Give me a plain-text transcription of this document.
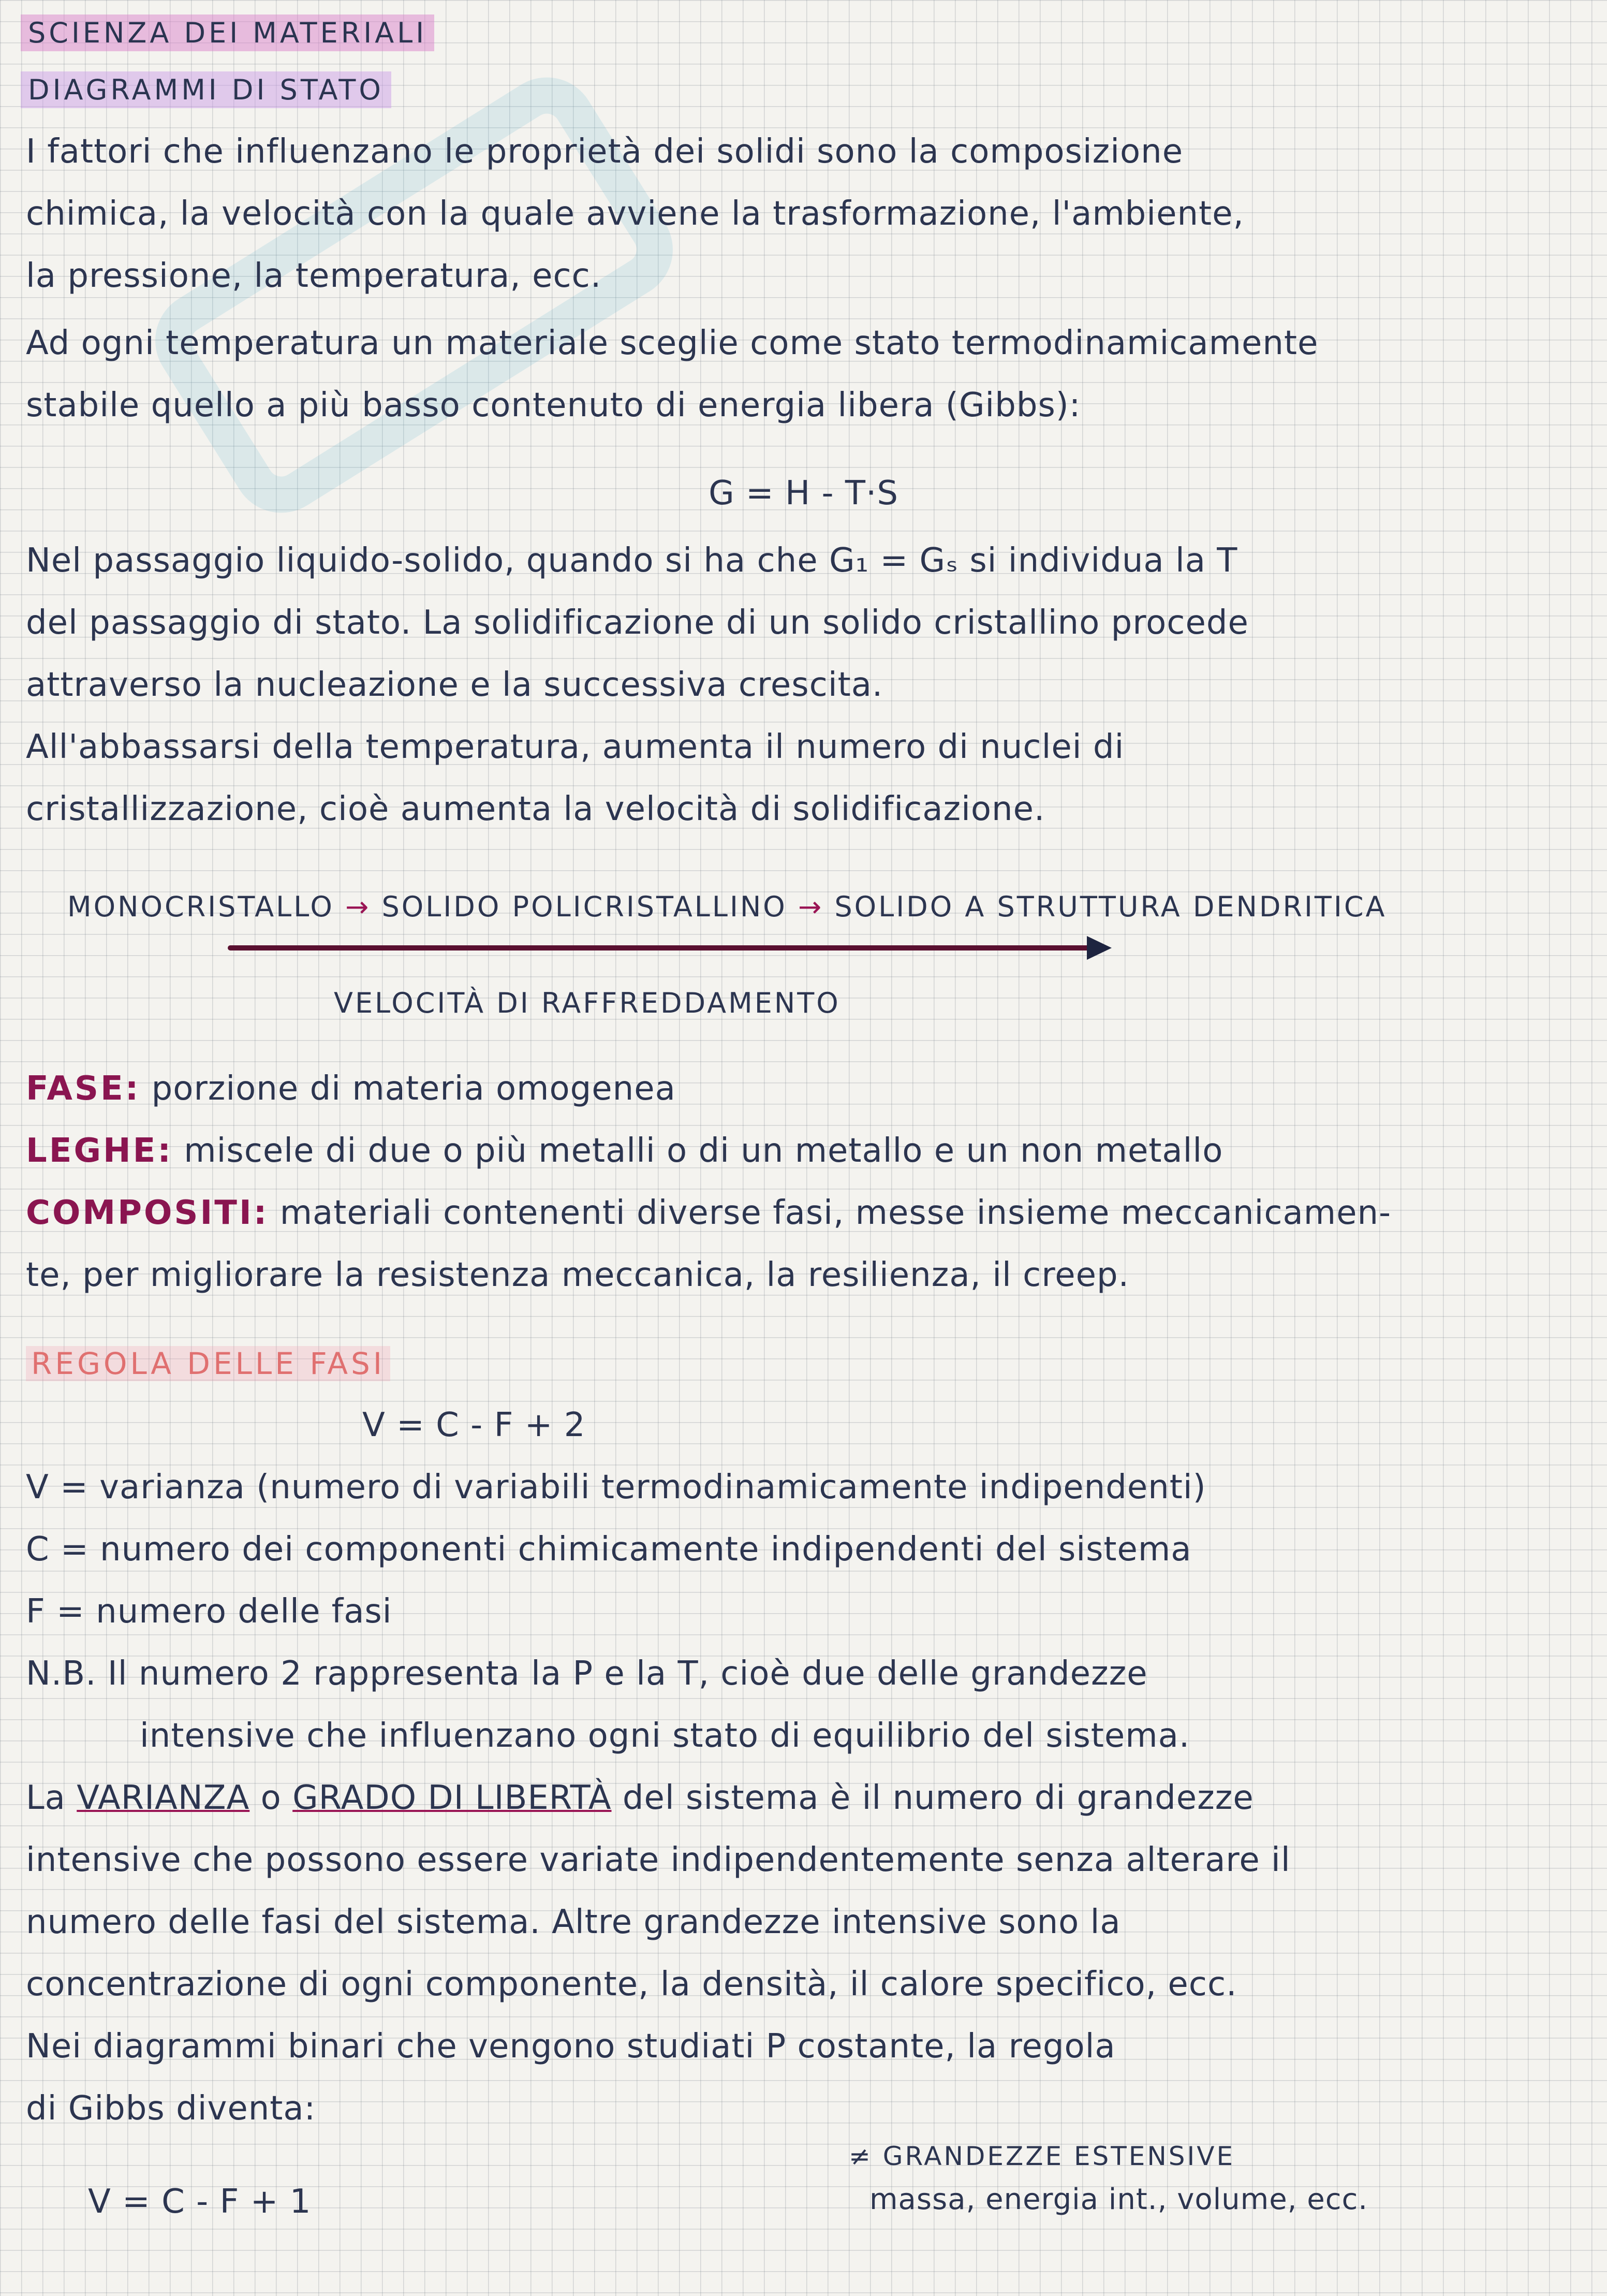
SCIENZA DEI MATERIALI
DIAGRAMMI DI STATO
I fattori che influenzano le proprietà dei solidi sono la composizione
chimica, la velocità con la quale avviene la trasformazione, l'ambiente,
la pressione, la temperatura, ecc.
Ad ogni temperatura un materiale sceglie come stato termodinamicamente
stabile quello a più basso contenuto di energia libera (Gibbs):
G = H - T·S
Nel passaggio liquido-solido, quando si ha che G₁ = Gₛ si individua la T
del passaggio di stato. La solidificazione di un solido cristallino procede
attraverso la nucleazione e la successiva crescita.
All'abbassarsi della temperatura, aumenta il numero di nuclei di
cristallizzazione, cioè aumenta la velocità di solidificazione.
MONOCRISTALLO → SOLIDO POLICRISTALLINO → SOLIDO A STRUTTURA DENDRITICA
VELOCITÀ DI RAFFREDDAMENTO
FASE: porzione di materia omogenea
LEGHE: miscele di due o più metalli o di un metallo e un non metallo
COMPOSITI: materiali contenenti diverse fasi, messe insieme meccanicamen-
te, per migliorare la resistenza meccanica, la resilienza, il creep.
REGOLA DELLE FASI
V = C - F + 2
V = varianza (numero di variabili termodinamicamente indipendenti)
C = numero dei componenti chimicamente indipendenti del sistema
F = numero delle fasi
N.B. Il numero 2 rappresenta la P e la T, cioè due delle grandezze
intensive che influenzano ogni stato di equilibrio del sistema.
La VARIANZA o GRADO DI LIBERTÀ del sistema è il numero di grandezze
intensive che possono essere variate indipendentemente senza alterare il
numero delle fasi del sistema. Altre grandezze intensive sono la
concentrazione di ogni componente, la densità, il calore specifico, ecc.
Nei diagrammi binari che vengono studiati P costante, la regola
di Gibbs diventa:
V = C - F + 1
≠ GRANDEZZE ESTENSIVE
massa, energia int., volume, ecc.
